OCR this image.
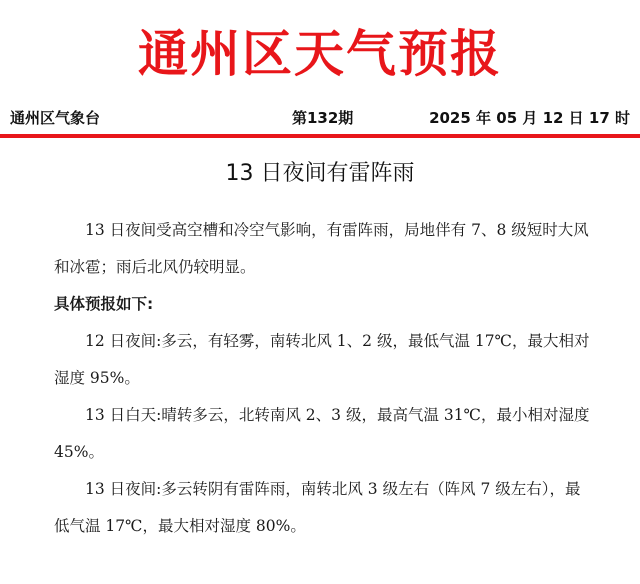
通州区天气预报
通州区气象台	第132期	2025 年 05 月 12 日 17 时
13 日夜间有雷阵雨

13 日夜间受高空槽和冷空气影响，有雷阵雨，局地伴有 7、8 级短时大风和冰雹；雨后北风仍较明显。

具体预报如下:

12 日夜间:多云，有轻雾，南转北风 1、2 级，最低气温 17℃，最大相对湿度 95%。

13 日白天:晴转多云，北转南风 2、3 级，最高气温 31℃，最小相对湿度 45%。

13 日夜间:多云转阴有雷阵雨，南转北风 3 级左右（阵风 7 级左右），最低气温 17℃，最大相对湿度 80%。
